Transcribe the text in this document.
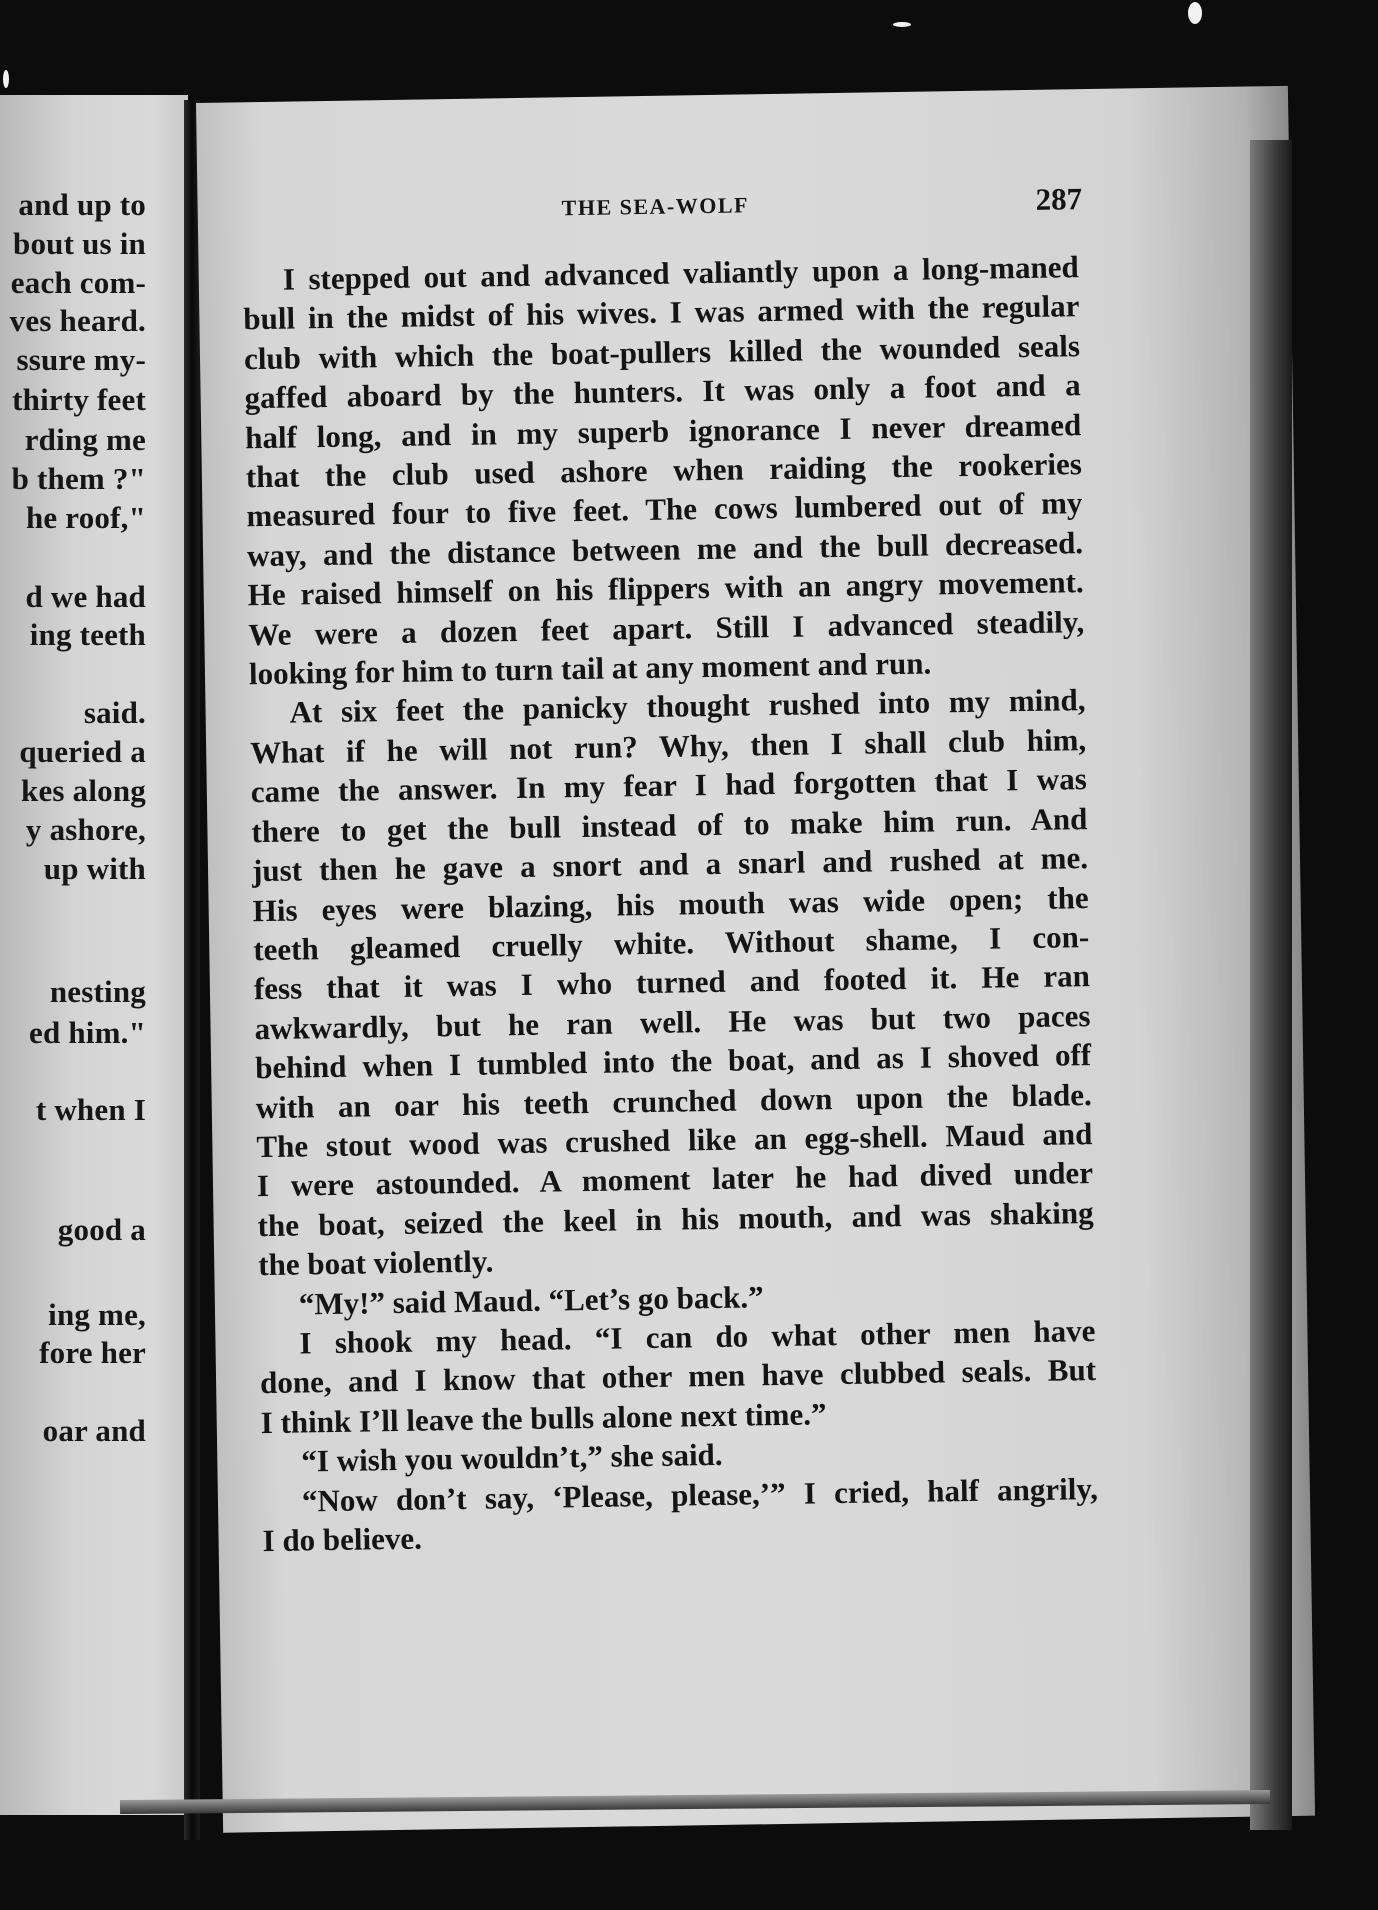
and up to
bout us in
each com-
ves heard.
ssure my-
thirty feet
rding me
b them ?"
he roof,"
d we had
ing teeth
said.
queried a
kes along
y ashore,
up with
nesting
ed him."
t when I
good a
ing me,
fore her
oar and
THE SEA-WOLF	287

I stepped out and advanced valiantly upon a long-maned

bull in the midst of his wives. I was armed with the regular

club with which the boat-pullers killed the wounded seals

gaffed aboard by the hunters. It was only a foot and a

half long, and in my superb ignorance I never dreamed

that the club used ashore when raiding the rookeries

measured four to five feet. The cows lumbered out of my

way, and the distance between me and the bull decreased.

He raised himself on his flippers with an angry movement.

We were a dozen feet apart. Still I advanced steadily,

looking for him to turn tail at any moment and run.

At six feet the panicky thought rushed into my mind,

What if he will not run? Why, then I shall club him,

came the answer. In my fear I had forgotten that I was

there to get the bull instead of to make him run. And

just then he gave a snort and a snarl and rushed at me.

His eyes were blazing, his mouth was wide open; the

teeth gleamed cruelly white. Without shame, I con-

fess that it was I who turned and footed it. He ran

awkwardly, but he ran well. He was but two paces

behind when I tumbled into the boat, and as I shoved off

with an oar his teeth crunched down upon the blade.

The stout wood was crushed like an egg-shell. Maud and

I were astounded. A moment later he had dived under

the boat, seized the keel in his mouth, and was shaking

the boat violently.

“My!” said Maud. “Let’s go back.”

I shook my head. “I can do what other men have

done, and I know that other men have clubbed seals. But

I think I’ll leave the bulls alone next time.”

“I wish you wouldn’t,” she said.

“Now don’t say, ‘Please, please,’” I cried, half angrily,

I do believe.
